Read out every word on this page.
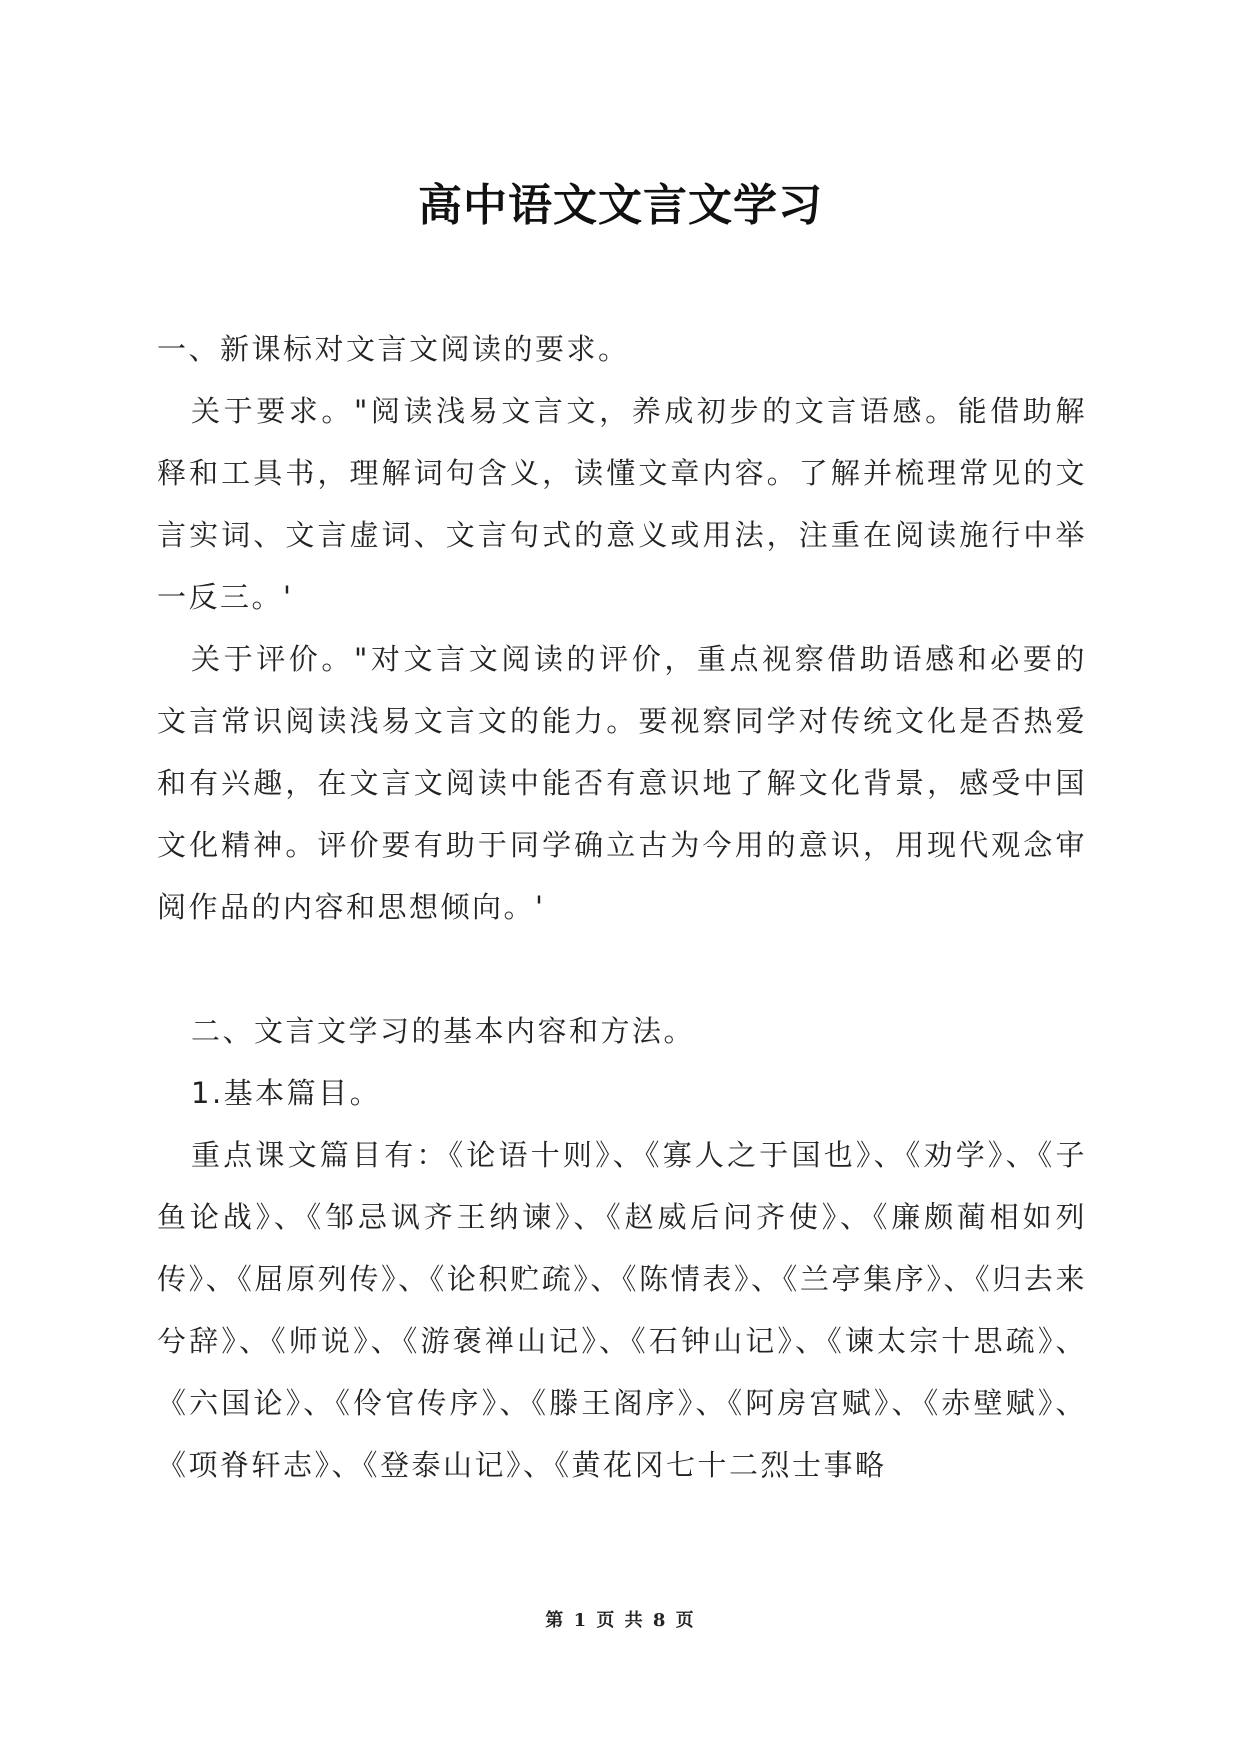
高中语文文言文学习

一、新课标对文言文阅读的要求。

关于要求。"阅读浅易文言文，养成初步的文言语感。能借助解释和工具书，理解词句含义，读懂文章内容。了解并梳理常见的文言实词、文言虚词、文言句式的意义或用法，注重在阅读施行中举一反三。'

关于评价。"对文言文阅读的评价，重点视察借助语感和必要的文言常识阅读浅易文言文的能力。要视察同学对传统文化是否热爱和有兴趣，在文言文阅读中能否有意识地了解文化背景，感受中国文化精神。评价要有助于同学确立古为今用的意识，用现代观念审阅作品的内容和思想倾向。'

二、文言文学习的基本内容和方法。

1.基本篇目。

重点课文篇目有：《论语十则》、《寡人之于国也》、《劝学》、《子鱼论战》、《邹忌讽齐王纳谏》、《赵威后问齐使》、《廉颇蔺相如列传》、《屈原列传》、《论积贮疏》、《陈情表》、《兰亭集序》、《归去来兮辞》、《师说》、《游褒禅山记》、《石钟山记》、《谏太宗十思疏》、《六国论》、《伶官传序》、《滕王阁序》、《阿房宫赋》、《赤壁赋》、《项脊轩志》、《登泰山记》、《黄花冈七十二烈士事略

第 1 页 共 8 页
